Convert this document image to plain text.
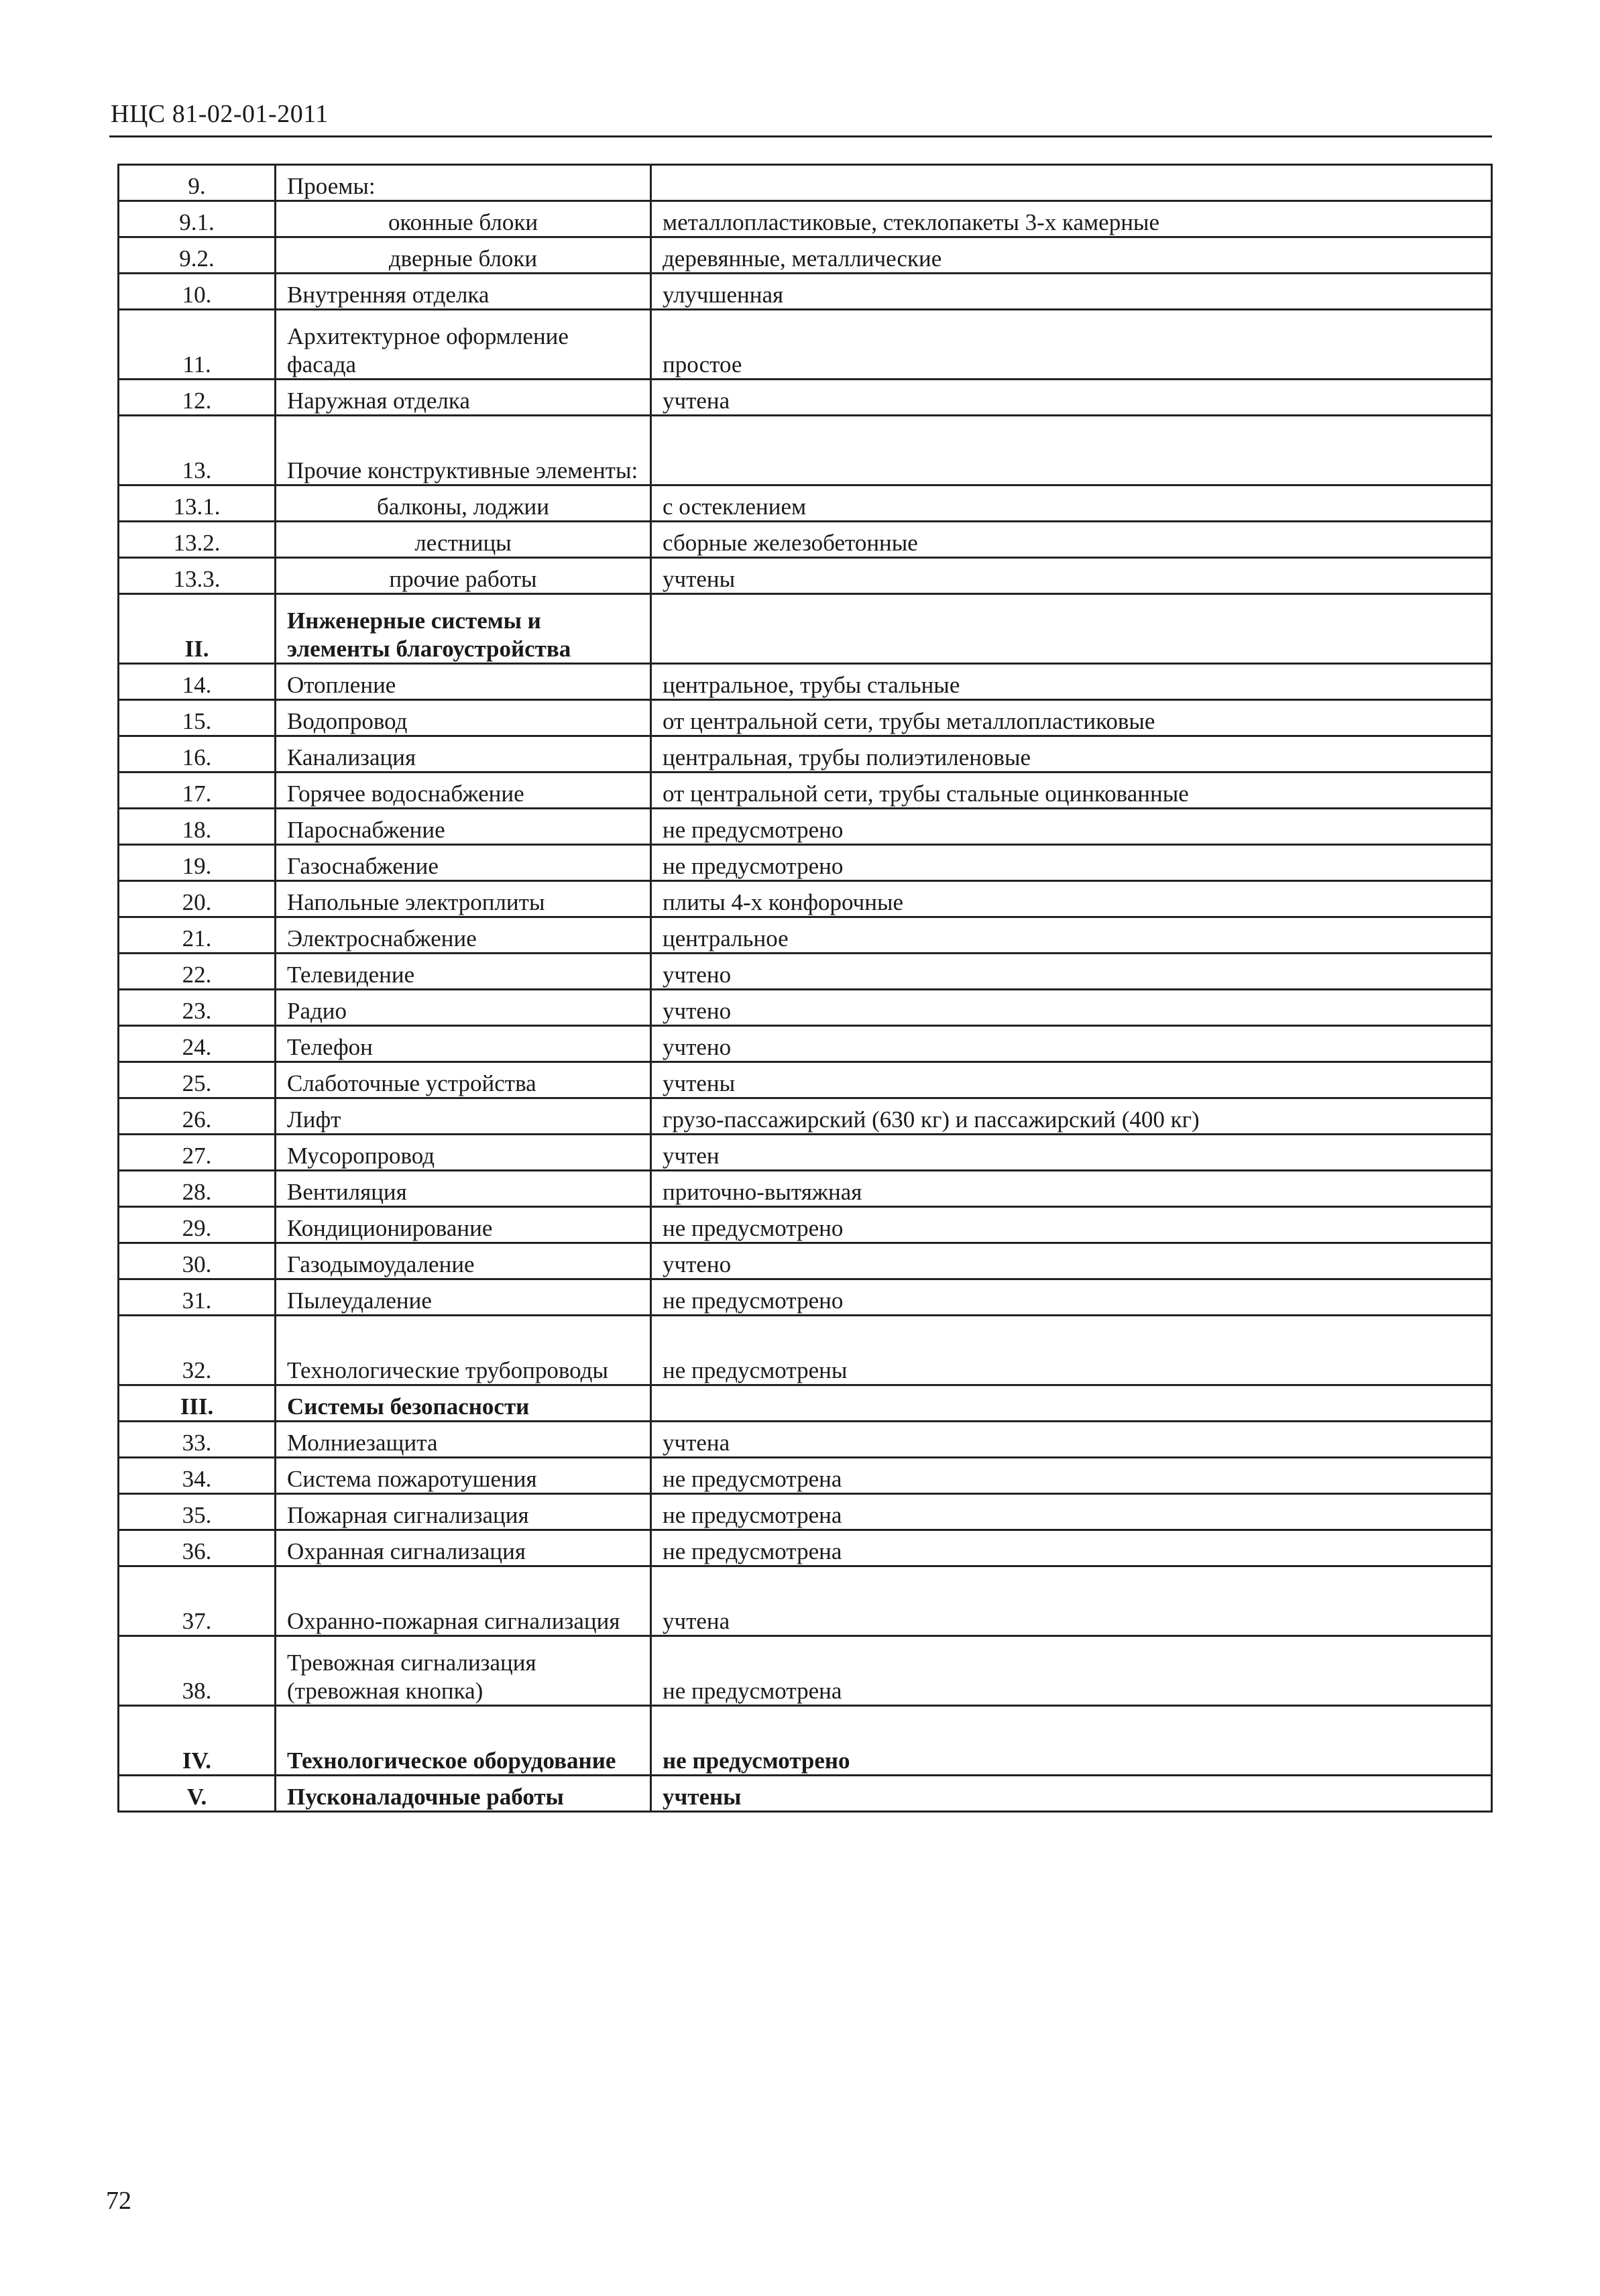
НЦС 81-02-01-2011
9.	Проемы:	
9.1.	оконные блоки	металлопластиковые, стеклопакеты 3-х камерные
9.2.	дверные блоки	деревянные, металлические
10.	Внутренняя отделка	улучшенная
11.	Архитектурное оформление фасада	простое
12.	Наружная отделка	учтена
13.	Прочие конструктивные элементы:	
13.1.	балконы, лоджии	с остеклением
13.2.	лестницы	сборные железобетонные
13.3.	прочие работы	учтены
II.	Инженерные системы и элементы благоустройства	
14.	Отопление	центральное, трубы стальные
15.	Водопровод	от центральной сети, трубы металлопластиковые
16.	Канализация	центральная, трубы полиэтиленовые
17.	Горячее водоснабжение	от центральной сети, трубы стальные оцинкованные
18.	Пароснабжение	не предусмотрено
19.	Газоснабжение	не предусмотрено
20.	Напольные электроплиты	плиты 4-х конфорочные
21.	Электроснабжение	центральное
22.	Телевидение	учтено
23.	Радио	учтено
24.	Телефон	учтено
25.	Слаботочные устройства	учтены
26.	Лифт	грузо-пассажирский (630 кг) и пассажирский (400 кг)
27.	Мусоропровод	учтен
28.	Вентиляция	приточно-вытяжная
29.	Кондиционирование	не предусмотрено
30.	Газодымоудаление	учтено
31.	Пылеудаление	не предусмотрено
32.	Технологические трубопроводы	не предусмотрены
III.	Системы безопасности	
33.	Молниезащита	учтена
34.	Система пожаротушения	не предусмотрена
35.	Пожарная сигнализация	не предусмотрена
36.	Охранная сигнализация	не предусмотрена
37.	Охранно-пожарная сигнализация	учтена
38.	Тревожная сигнализация (тревожная кнопка)	не предусмотрена
IV.	Технологическое оборудование	не предусмотрено
V.	Пусконаладочные работы	учтены
72
